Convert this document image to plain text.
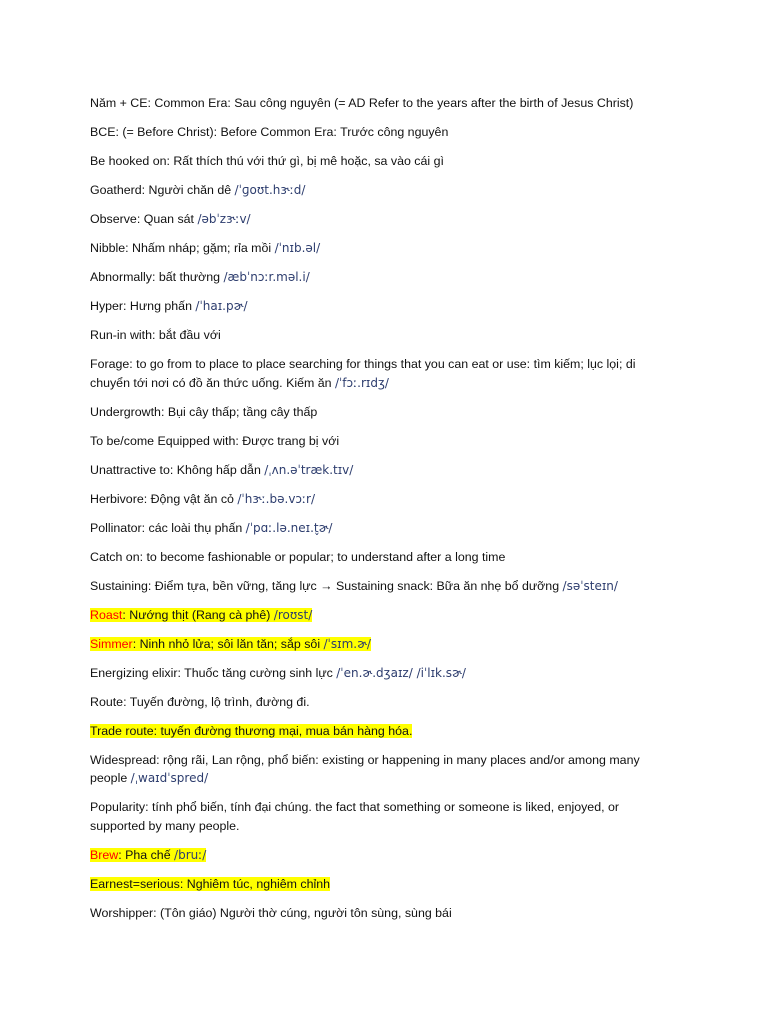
Năm + CE: Common Era: Sau công nguyên (= AD Refer to the years after the birth of Jesus Christ)
BCE: (= Before Christ): Before Common Era: Trước công nguyên
Be hooked on: Rất thích thú với thứ gì, bị mê hoặc, sa vào cái gì
Goatherd: Người chăn dê /ˈɡoʊt.hɝːd/
Observe: Quan sát /əbˈzɝːv/
Nibble: Nhấm nháp; gặm; rỉa mồi /ˈnɪb.əl/
Abnormally: bất thường /æbˈnɔːr.məl.i/
Hyper: Hưng phấn /ˈhaɪ.pɚ/
Run-in with: bắt đầu với
Forage: to go from to place to place searching for things that you can eat or use: tìm kiếm; lục lọi; di chuyển tới nơi có đồ ăn thức uống. Kiếm ăn /ˈfɔː.rɪdʒ/
Undergrowth: Bụi cây thấp; tầng cây thấp
To be/come Equipped with: Được trang bị với
Unattractive to: Không hấp dẫn /ˌʌn.əˈtræk.tɪv/
Herbivore: Động vật ăn cỏ /ˈhɝː.bə.vɔːr/
Pollinator: các loài thụ phấn /ˈpɑː.lə.neɪ.t̬ɚ/
Catch on: to become fashionable or popular; to understand after a long time
Sustaining: Điểm tựa, bền vững, tăng lực → Sustaining snack: Bữa ăn nhẹ bổ dưỡng /səˈsteɪn/
Roast: Nướng thịt (Rang cà phê) /roʊst/
Simmer: Ninh nhỏ lửa; sôi lăn tăn; sắp sôi /ˈsɪm.ɚ/
Energizing elixir: Thuốc tăng cường sinh lực /ˈen.ɚ.dʒaɪz/ /iˈlɪk.sɚ/
Route: Tuyến đường, lộ trình, đường đi.
Trade route: tuyến đường thương mại, mua bán hàng hóa.
Widespread: rộng rãi, Lan rộng, phổ biến: existing or happening in many places and/or among many people /ˌwaɪdˈspred/
Popularity: tính phổ biến, tính đại chúng. the fact that something or someone is liked, enjoyed, or supported by many people.
Brew: Pha chế /bruː/
Earnest=serious: Nghiêm túc, nghiêm chỉnh
Worshipper: (Tôn giáo) Người thờ cúng, người tôn sùng, sùng bái
